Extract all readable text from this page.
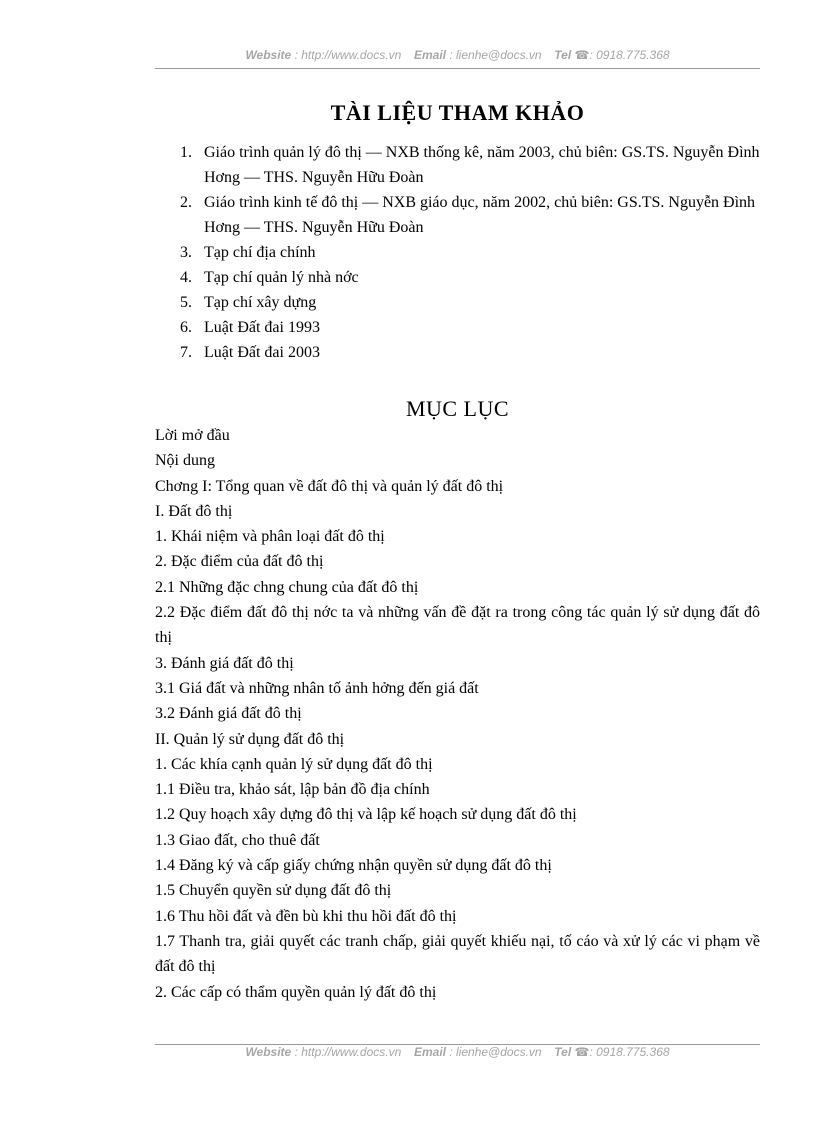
Website : http://www.docs.vn Email : lienhe@docs.vn Tel ☎: 0918.775.368
TÀI LIỆU THAM KHẢO
1. Giáo trình quản lý đô thị — NXB thống kê, năm 2003, chủ biên: GS.TS. Nguyễn Đình Hơng — THS. Nguyễn Hữu Đoàn
2. Giáo trình kinh tế đô thị — NXB giáo dục, năm 2002, chủ biên: GS.TS. Nguyễn Đình Hơng — THS. Nguyễn Hữu Đoàn
3. Tạp chí địa chính
4. Tạp chí quản lý nhà nớc
5. Tạp chí xây dựng
6. Luật Đất đai 1993
7. Luật Đất đai 2003
MỤC LỤC
Lời mở đầu
Nội dung
Chơng I: Tổng quan về đất đô thị và quản lý đất đô thị
I. Đất đô thị
1. Khái niệm và phân loại đất đô thị
2. Đặc điểm của đất đô thị
2.1 Những đặc chng chung của đất đô thị
2.2 Đặc điểm đất đô thị nớc ta và những vấn đề đặt ra trong công tác quản lý sử dụng đất đô thị
3. Đánh giá đất đô thị
3.1 Giá đất và những nhân tố ảnh hởng đến giá đất
3.2 Đánh giá đất đô thị
II. Quản lý sử dụng đất đô thị
1. Các khía cạnh quản lý sử dụng đất đô thị
1.1 Điều tra, khảo sát, lập bản đồ địa chính
1.2 Quy hoạch xây dựng đô thị và lập kế hoạch sử dụng đất đô thị
1.3 Giao đất, cho thuê đất
1.4 Đăng ký và cấp giấy chứng nhận quyền sử dụng đất đô thị
1.5 Chuyển quyền sử dụng đất đô thị
1.6 Thu hồi đất và đền bù khi thu hồi đất đô thị
1.7 Thanh tra, giải quyết các tranh chấp, giải quyết khiếu nại, tố cáo và xử lý các vi phạm về đất đô thị
2. Các cấp có thẩm quyền quản lý đất đô thị
Website : http://www.docs.vn Email : lienhe@docs.vn Tel ☎: 0918.775.368
